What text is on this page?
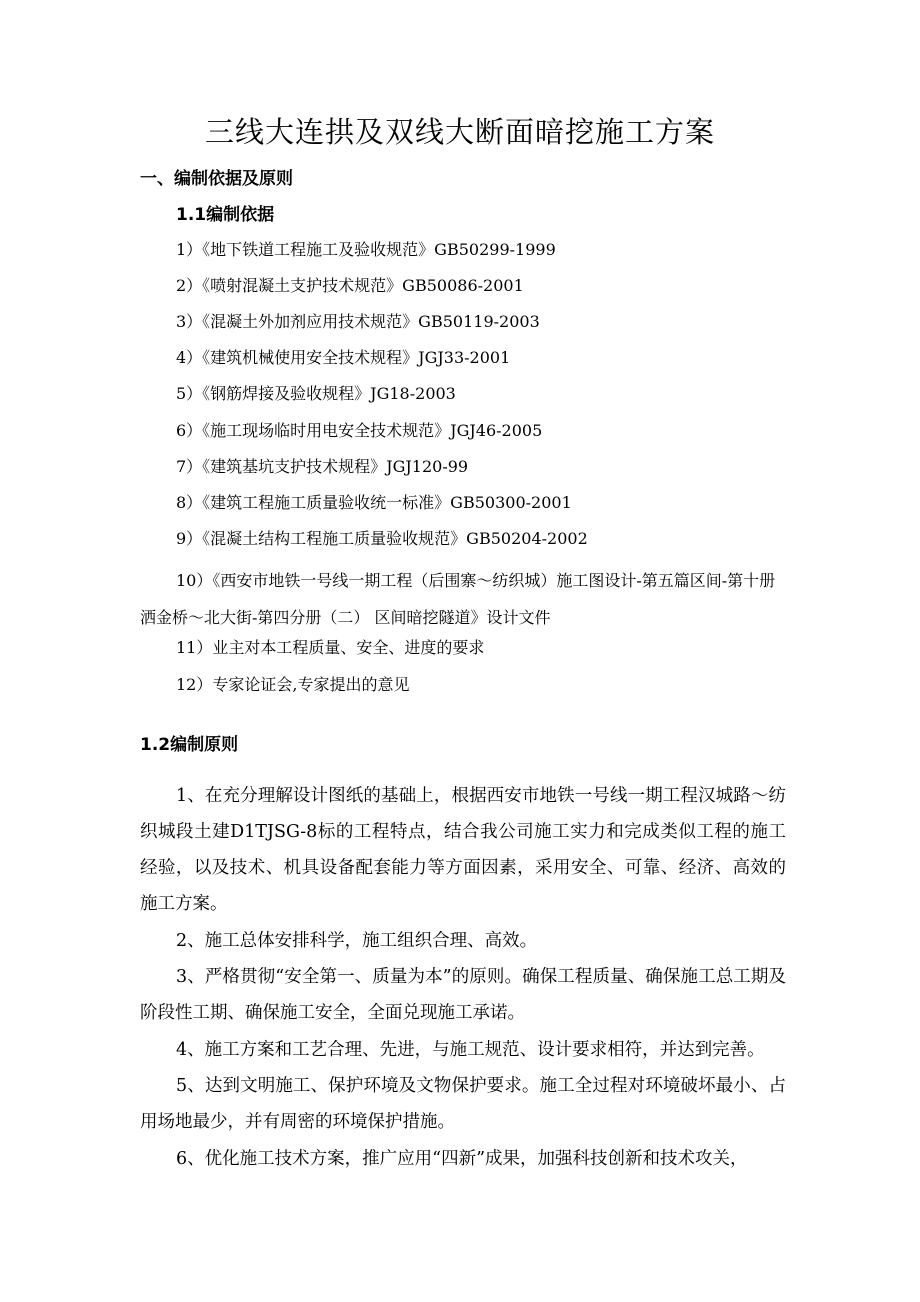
三线大连拱及双线大断面暗挖施工方案
一、编制依据及原则
1.1编制依据
1）《地下铁道工程施工及验收规范》GB50299-1999
2）《喷射混凝土支护技术规范》GB50086-2001
3）《混凝土外加剂应用技术规范》GB50119-2003
4）《建筑机械使用安全技术规程》JGJ33-2001
5）《钢筋焊接及验收规程》JG18-2003
6）《施工现场临时用电安全技术规范》JGJ46-2005
7）《建筑基坑支护技术规程》JGJ120-99
8）《建筑工程施工质量验收统一标准》GB50300-2001
9）《混凝土结构工程施工质量验收规范》GB50204-2002
10）《西安市地铁一号线一期工程（后围寨～纺织城）施工图设计-第五篇区间-第十册 洒金桥～北大街-第四分册（二） 区间暗挖隧道》设计文件
11）业主对本工程质量、安全、进度的要求
12）专家论证会,专家提出的意见
1.2编制原则
1、在充分理解设计图纸的基础上，根据西安市地铁一号线一期工程汉城路～纺织城段土建D1TJSG-8标的工程特点，结合我公司施工实力和完成类似工程的施工经验，以及技术、机具设备配套能力等方面因素，采用安全、可靠、经济、高效的施工方案。
2、施工总体安排科学，施工组织合理、高效。
3、严格贯彻“安全第一、质量为本”的原则。确保工程质量、确保施工总工期及阶段性工期、确保施工安全，全面兑现施工承诺。
4、施工方案和工艺合理、先进，与施工规范、设计要求相符，并达到完善。
5、达到文明施工、保护环境及文物保护要求。施工全过程对环境破坏最小、占用场地最少，并有周密的环境保护措施。
6、优化施工技术方案，推广应用“四新”成果，加强科技创新和技术攻关，
